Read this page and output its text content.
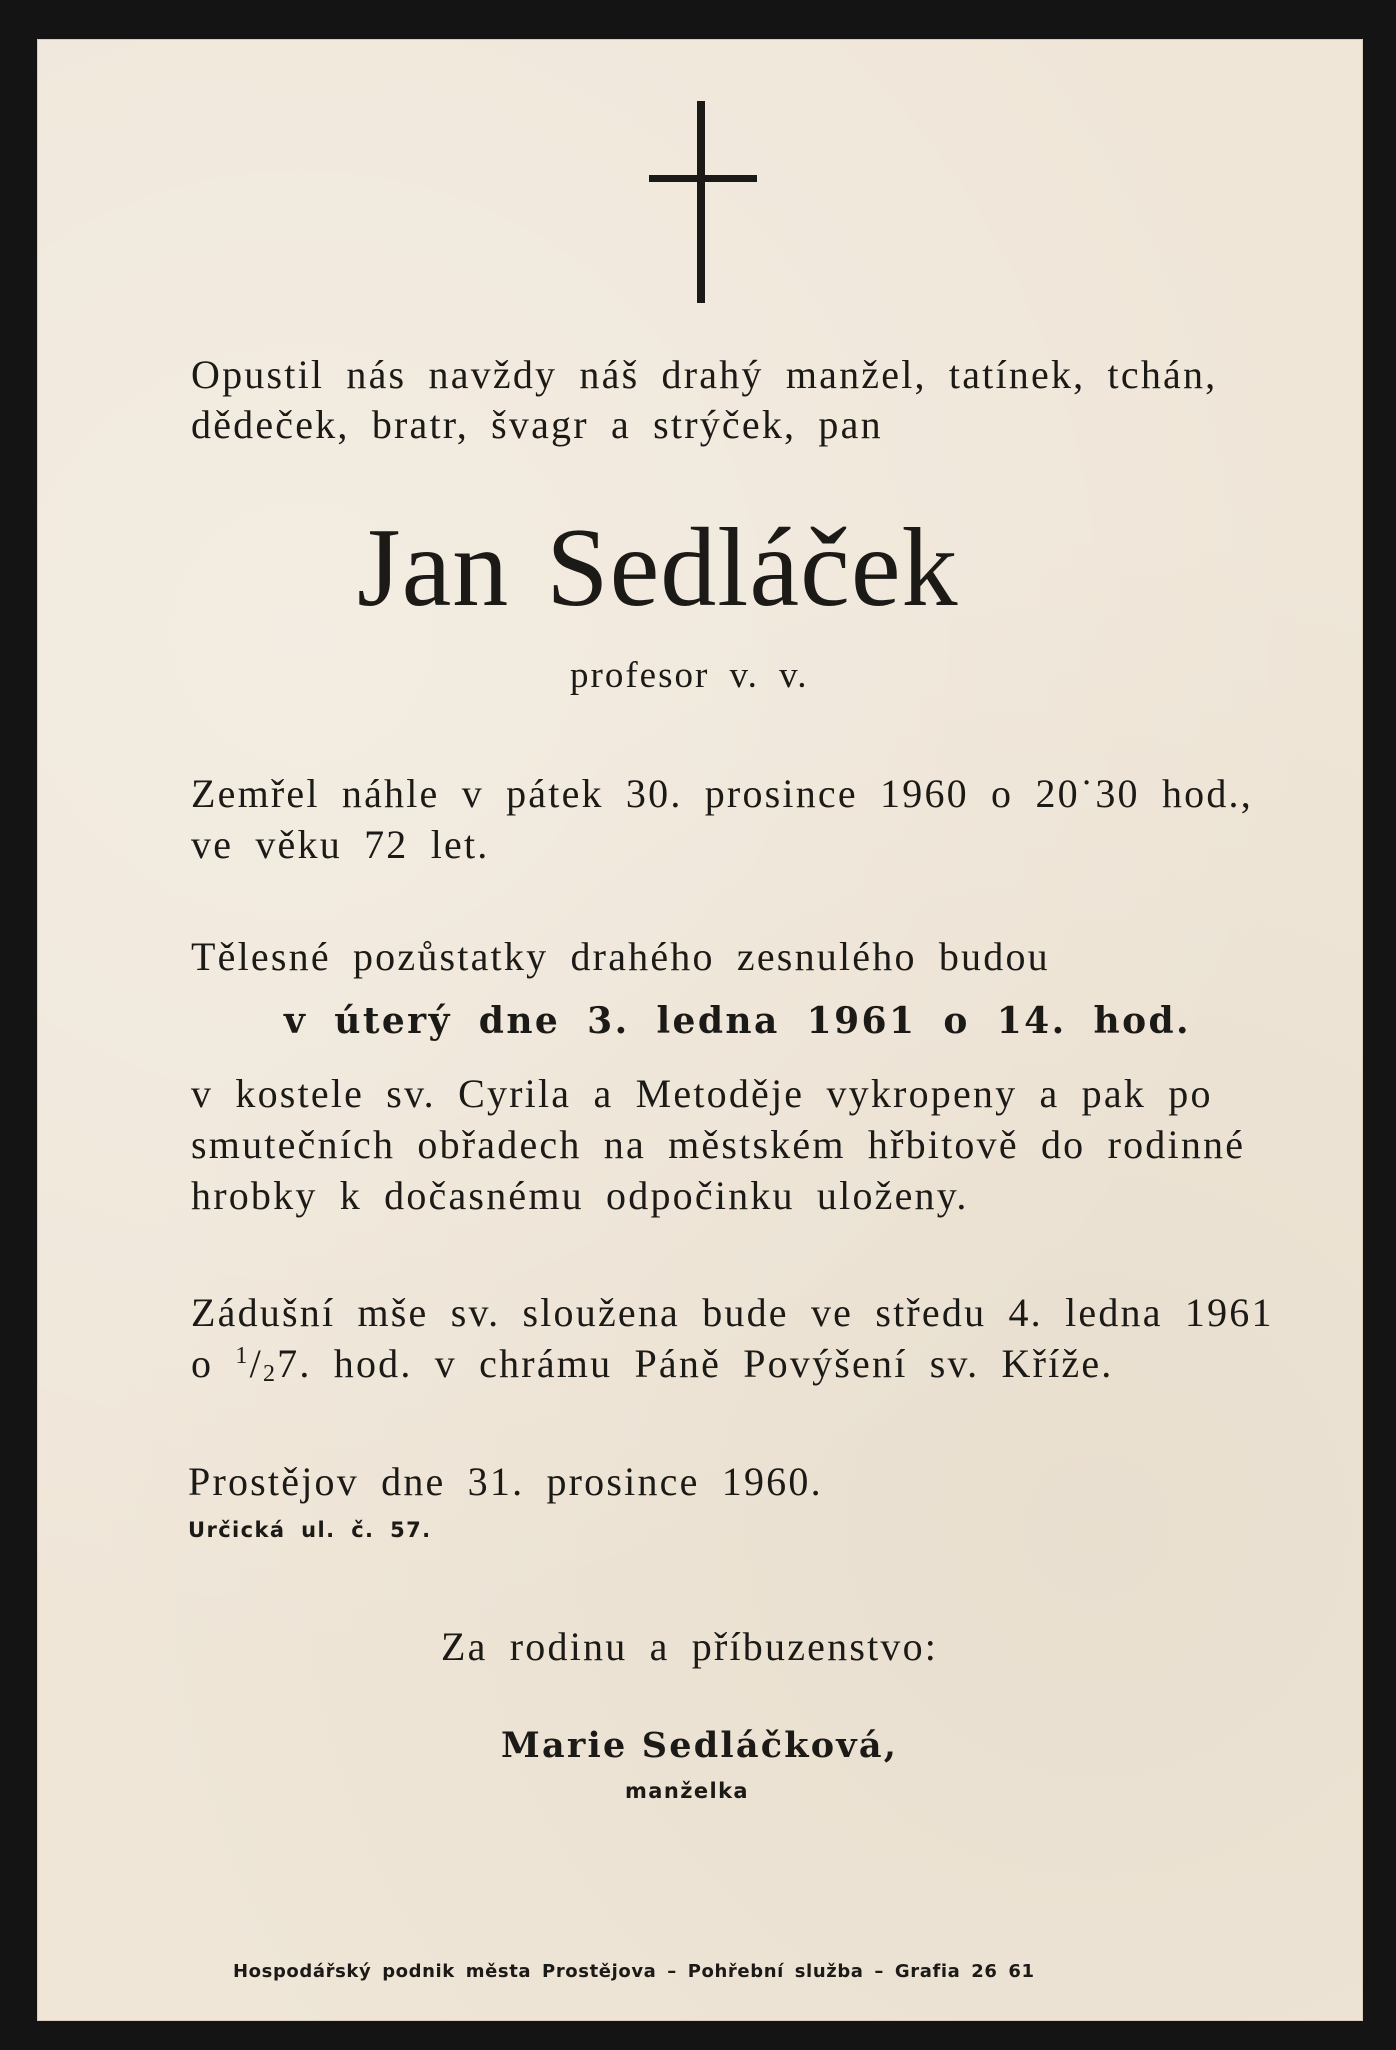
Opustil nás navždy náš drahý manžel, tatínek, tchán,
dědeček, bratr, švagr a strýček, pan
Jan Sedláček
profesor v. v.
Zemřel náhle v pátek 30. prosince 1960 o 20˙30 hod.,
ve věku 72 let.
Tělesné pozůstatky drahého zesnulého budou
v úterý dne 3. ledna 1961 o 14. hod.
v kostele sv. Cyrila a Metoděje vykropeny a pak po
smutečních obřadech na městském hřbitově do rodinné
hrobky k dočasnému odpočinku uloženy.
Zádušní mše sv. sloužena bude ve středu 4. ledna 1961
o $^1/_27$. hod. v chrámu Páně Povýšení sv. Kříže.
Prostějov dne 31. prosince 1960.
Určická ul. č. 57.
Za rodinu a příbuzenstvo:
Marie Sedláčková,
manželka
Hospodářský podnik města Prostějova – Pohřební služba – Grafia 26 61
